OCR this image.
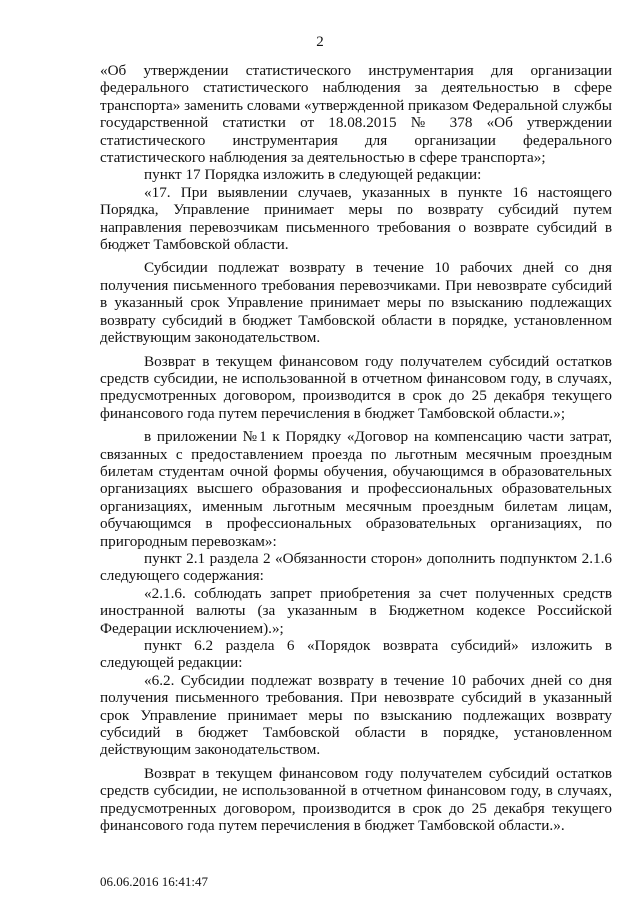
2

«Об утверждении статистического инструментария для организации федерального статистического наблюдения за деятельностью в сфере транспорта» заменить словами «утвержденной приказом Федеральной службы государственной статистки от 18.08.2015 № 378 «Об утверждении статистического инструментария для организации федерального статистического наблюдения за деятельностью в сфере транспорта»;

пункт 17 Порядка изложить в следующей редакции:

«17. При выявлении случаев, указанных в пункте 16 настоящего Порядка, Управление принимает меры по возврату субсидий путем направления перевозчикам письменного требования о возврате субсидий в бюджет Тамбовской области.

Субсидии подлежат возврату в течение 10 рабочих дней со дня получения письменного требования перевозчиками. При невозврате субсидий в указанный срок Управление принимает меры по взысканию подлежащих возврату субсидий в бюджет Тамбовской области в порядке, установленном действующим законодательством.

Возврат в текущем финансовом году получателем субсидий остатков средств субсидии, не использованной в отчетном финансовом году, в случаях, предусмотренных договором, производится в срок до 25 декабря текущего финансового года путем перечисления в бюджет Тамбовской области.»;

в приложении №1 к Порядку «Договор на компенсацию части затрат, связанных с предоставлением проезда по льготным месячным проездным билетам студентам очной формы обучения, обучающимся в образовательных организациях высшего образования и профессиональных образовательных организациях, именным льготным месячным проездным билетам лицам, обучающимся в профессиональных образовательных организациях, по пригородным перевозкам»:

пункт 2.1 раздела 2 «Обязанности сторон» дополнить подпунктом 2.1.6 следующего содержания:

«2.1.6. соблюдать запрет приобретения за счет полученных средств иностранной валюты (за указанным в Бюджетном кодексе Российской Федерации исключением).»;

пункт 6.2 раздела 6 «Порядок возврата субсидий» изложить в следующей редакции:

«6.2. Субсидии подлежат возврату в течение 10 рабочих дней со дня получения письменного требования. При невозврате субсидий в указанный срок Управление принимает меры по взысканию подлежащих возврату субсидий в бюджет Тамбовской области в порядке, установленном действующим законодательством.

Возврат в текущем финансовом году получателем субсидий остатков средств субсидии, не использованной в отчетном финансовом году, в случаях, предусмотренных договором, производится в срок до 25 декабря текущего финансового года путем перечисления в бюджет Тамбовской области.».

06.06.2016 16:41:47
